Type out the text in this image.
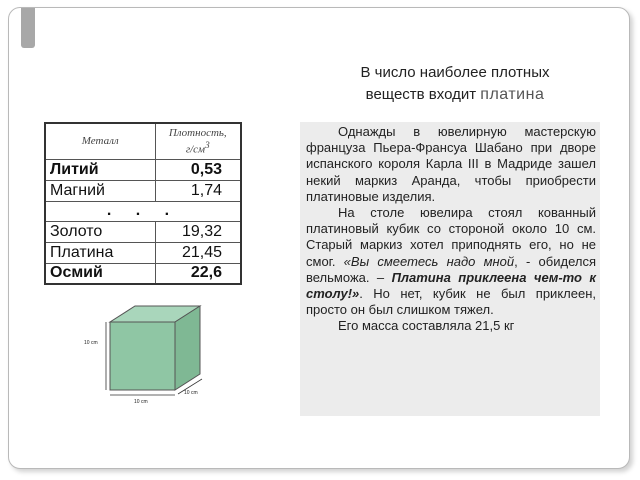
В число наиболее плотных
веществ входит платина
Металл	Плотность,
$г/см^3$
Литий	0,53
Магний	1,74
. . .	
Золото	19,32
Платина	21,45
Осмий	22,6
10 cm
10 cm
10 cm

Однажды в ювелирную мастерскую француза Пьера-Франсуа Шабано при дворе испанского короля Карла III в Мадриде зашел некий маркиз Аранда, чтобы приобрести платиновые изделия.

На столе ювелира стоял кованный платиновый кубик со стороной около 10 см. Старый маркиз хотел приподнять его, но не смог. «Вы смеетесь надо мной, - обиделся вельможа. – Платина приклеена чем-то к столу!». Но нет, кубик не был приклеен, просто он был слишком тяжел.

Его масса составляла 21,5 кг
